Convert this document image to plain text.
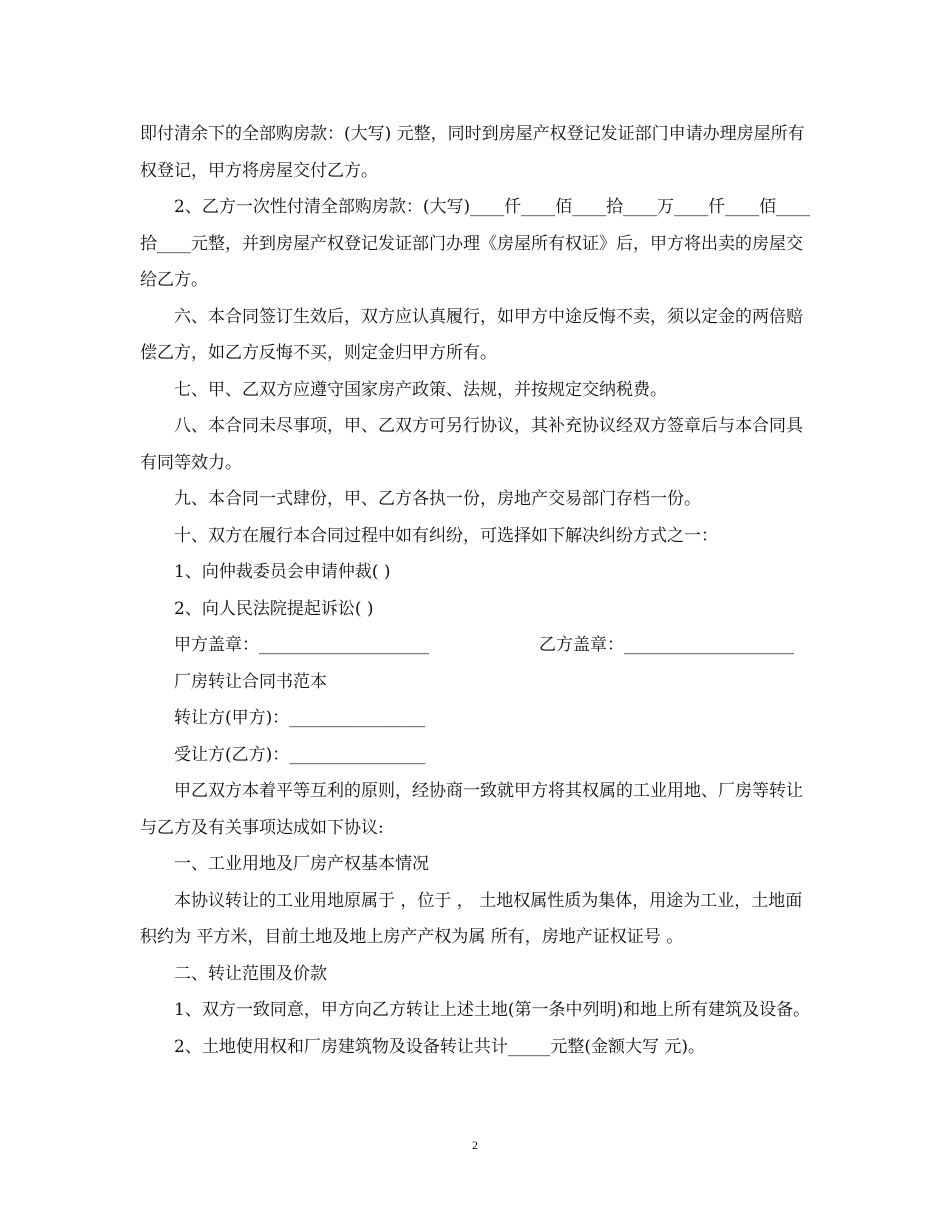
即付清余下的全部购房款：(大写) 元整，同时到房屋产权登记发证部门申请办理房屋所有权登记，甲方将房屋交付乙方。

2、乙方一次性付清全部购房款：(大写)____仟____佰____拾____万____仟____佰____拾____元整，并到房屋产权登记发证部门办理《房屋所有权证》后，甲方将出卖的房屋交给乙方。

六、本合同签订生效后，双方应认真履行，如甲方中途反悔不卖，须以定金的两倍赔偿乙方，如乙方反悔不买，则定金归甲方所有。

七、甲、乙双方应遵守国家房产政策、法规，并按规定交纳税费。

八、本合同未尽事项，甲、乙双方可另行协议，其补充协议经双方签章后与本合同具有同等效力。

九、本合同一式肆份，甲、乙方各执一份，房地产交易部门存档一份。

十、双方在履行本合同过程中如有纠纷，可选择如下解决纠纷方式之一：

1、向仲裁委员会申请仲裁( )

2、向人民法院提起诉讼( )

甲方盖章：____________________	乙方盖章：____________________

厂房转让合同书范本

转让方(甲方)：________________

受让方(乙方)：________________

甲乙双方本着平等互利的原则，经协商一致就甲方将其权属的工业用地、厂房等转让与乙方及有关事项达成如下协议:

一、工业用地及厂房产权基本情况

本协议转让的工业用地原属于 ，位于 ， 土地权属性质为集体，用途为工业，土地面积约为 平方米，目前土地及地上房产产权为属 所有，房地产证权证号 。

二、转让范围及价款

1、双方一致同意，甲方向乙方转让上述土地(第一条中列明)和地上所有建筑及设备。

2、土地使用权和厂房建筑物及设备转让共计_____元整(金额大写 元)。

2
